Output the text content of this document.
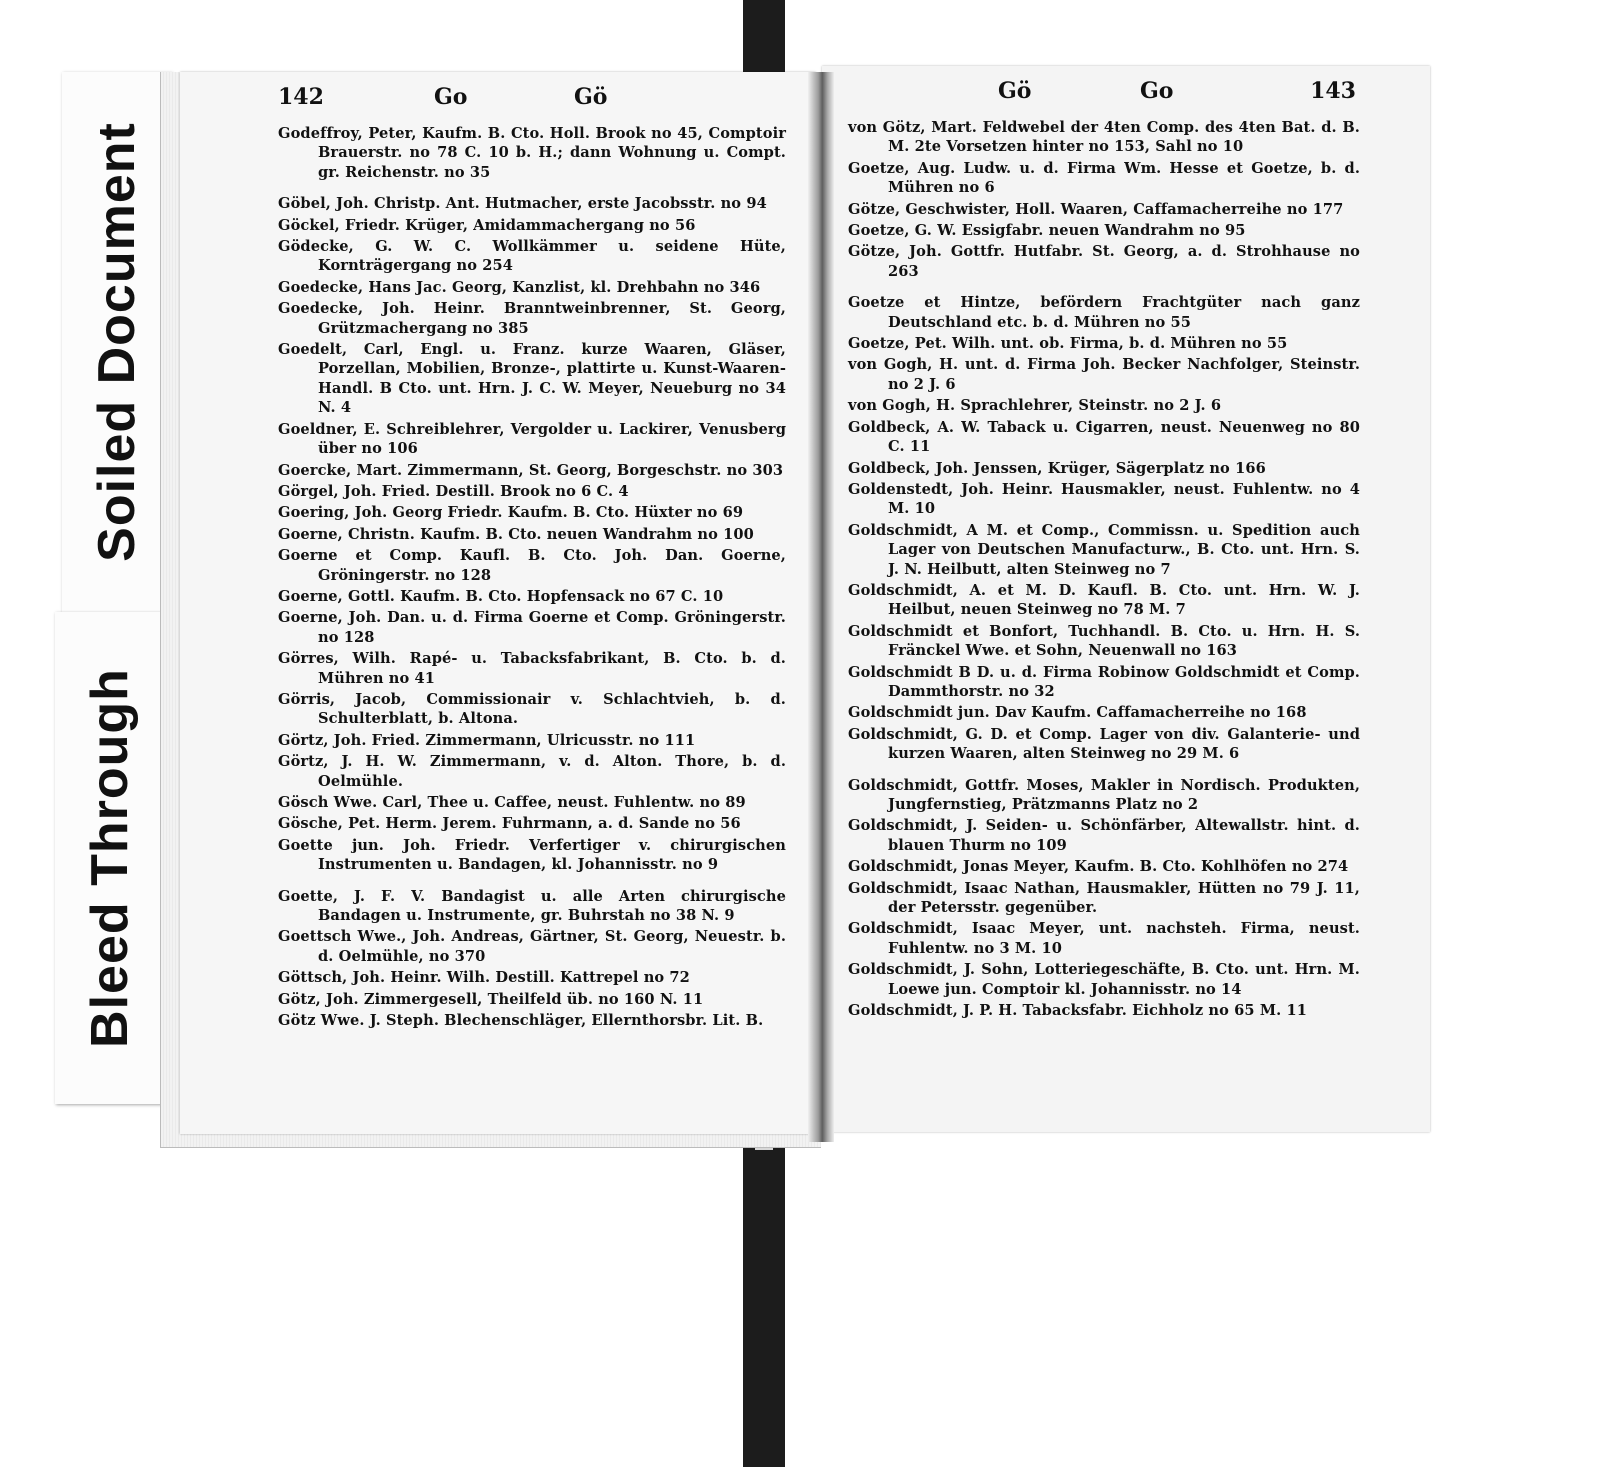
Soiled Document
Bleed Through
142	Go	Gö

Godeffroy, Peter, Kaufm. B. Cto. Holl. Brook no 45, Comptoir Brauerstr. no 78 C. 10 b. H.; dann Wohnung u. Compt. gr. Reichenstr. no 35

Göbel, Joh. Christp. Ant. Hutmacher, erste Jacobsstr. no 94

Göckel, Friedr. Krüger, Amidammachergang no 56

Gödecke, G. W. C. Wollkämmer u. seidene Hüte, Kornträgergang no 254

Goedecke, Hans Jac. Georg, Kanzlist, kl. Drehbahn no 346

Goedecke, Joh. Heinr. Branntweinbrenner, St. Georg, Grützmachergang no 385

Goedelt, Carl, Engl. u. Franz. kurze Waaren, Gläser, Porzellan, Mobilien, Bronze-, plattirte u. Kunst-Waaren-Handl. B Cto. unt. Hrn. J. C. W. Meyer, Neueburg no 34 N. 4

Goeldner, E. Schreiblehrer, Vergolder u. Lackirer, Venusberg über no 106

Goercke, Mart. Zimmermann, St. Georg, Borgeschstr. no 303

Görgel, Joh. Fried. Destill. Brook no 6 C. 4

Goering, Joh. Georg Friedr. Kaufm. B. Cto. Hüxter no 69

Goerne, Christn. Kaufm. B. Cto. neuen Wandrahm no 100

Goerne et Comp. Kaufl. B. Cto. Joh. Dan. Goerne, Gröningerstr. no 128

Goerne, Gottl. Kaufm. B. Cto. Hopfensack no 67 C. 10

Goerne, Joh. Dan. u. d. Firma Goerne et Comp. Gröningerstr. no 128

Görres, Wilh. Rapé- u. Tabacksfabrikant, B. Cto. b. d. Mühren no 41

Görris, Jacob, Commissionair v. Schlachtvieh, b. d. Schulterblatt, b. Altona.

Görtz, Joh. Fried. Zimmermann, Ulricusstr. no 111

Görtz, J. H. W. Zimmermann, v. d. Alton. Thore, b. d. Oelmühle.

Gösch Wwe. Carl, Thee u. Caffee, neust. Fuhlentw. no 89

Gösche, Pet. Herm. Jerem. Fuhrmann, a. d. Sande no 56

Goette jun. Joh. Friedr. Verfertiger v. chirurgischen Instrumenten u. Bandagen, kl. Johannisstr. no 9

Goette, J. F. V. Bandagist u. alle Arten chirurgische Bandagen u. Instrumente, gr. Buhrstah no 38 N. 9

Goettsch Wwe., Joh. Andreas, Gärtner, St. Georg, Neuestr. b. d. Oelmühle, no 370

Göttsch, Joh. Heinr. Wilh. Destill. Kattrepel no 72

Götz, Joh. Zimmergesell, Theilfeld üb. no 160 N. 11

Götz Wwe. J. Steph. Blechenschläger, Ellernthorsbr. Lit. B.

Gö	Go	143

von Götz, Mart. Feldwebel der 4ten Comp. des 4ten Bat. d. B. M. 2te Vorsetzen hinter no 153, Sahl no 10

Goetze, Aug. Ludw. u. d. Firma Wm. Hesse et Goetze, b. d. Mühren no 6

Götze, Geschwister, Holl. Waaren, Caffamacherreihe no 177

Goetze, G. W. Essigfabr. neuen Wandrahm no 95

Götze, Joh. Gottfr. Hutfabr. St. Georg, a. d. Strohhause no 263

Goetze et Hintze, befördern Frachtgüter nach ganz Deutschland etc. b. d. Mühren no 55

Goetze, Pet. Wilh. unt. ob. Firma, b. d. Mühren no 55

von Gogh, H. unt. d. Firma Joh. Becker Nachfolger, Steinstr. no 2 J. 6

von Gogh, H. Sprachlehrer, Steinstr. no 2 J. 6

Goldbeck, A. W. Taback u. Cigarren, neust. Neuenweg no 80 C. 11

Goldbeck, Joh. Jenssen, Krüger, Sägerplatz no 166

Goldenstedt, Joh. Heinr. Hausmakler, neust. Fuhlentw. no 4 M. 10

Goldschmidt, A M. et Comp., Commissn. u. Spedition auch Lager von Deutschen Manufacturw., B. Cto. unt. Hrn. S. J. N. Heilbutt, alten Steinweg no 7

Goldschmidt, A. et M. D. Kaufl. B. Cto. unt. Hrn. W. J. Heilbut, neuen Steinweg no 78 M. 7

Goldschmidt et Bonfort, Tuchhandl. B. Cto. u. Hrn. H. S. Fränckel Wwe. et Sohn, Neuenwall no 163

Goldschmidt B D. u. d. Firma Robinow Goldschmidt et Comp. Dammthorstr. no 32

Goldschmidt jun. Dav Kaufm. Caffamacherreihe no 168

Goldschmidt, G. D. et Comp. Lager von div. Galanterie- und kurzen Waaren, alten Steinweg no 29 M. 6

Goldschmidt, Gottfr. Moses, Makler in Nordisch. Produkten, Jungfernstieg, Prätzmanns Platz no 2

Goldschmidt, J. Seiden- u. Schönfärber, Altewallstr. hint. d. blauen Thurm no 109

Goldschmidt, Jonas Meyer, Kaufm. B. Cto. Kohlhöfen no 274

Goldschmidt, Isaac Nathan, Hausmakler, Hütten no 79 J. 11, der Petersstr. gegenüber.

Goldschmidt, Isaac Meyer, unt. nachsteh. Firma, neust. Fuhlentw. no 3 M. 10

Goldschmidt, J. Sohn, Lotteriegeschäfte, B. Cto. unt. Hrn. M. Loewe jun. Comptoir kl. Johannisstr. no 14

Goldschmidt, J. P. H. Tabacksfabr. Eichholz no 65 M. 11
